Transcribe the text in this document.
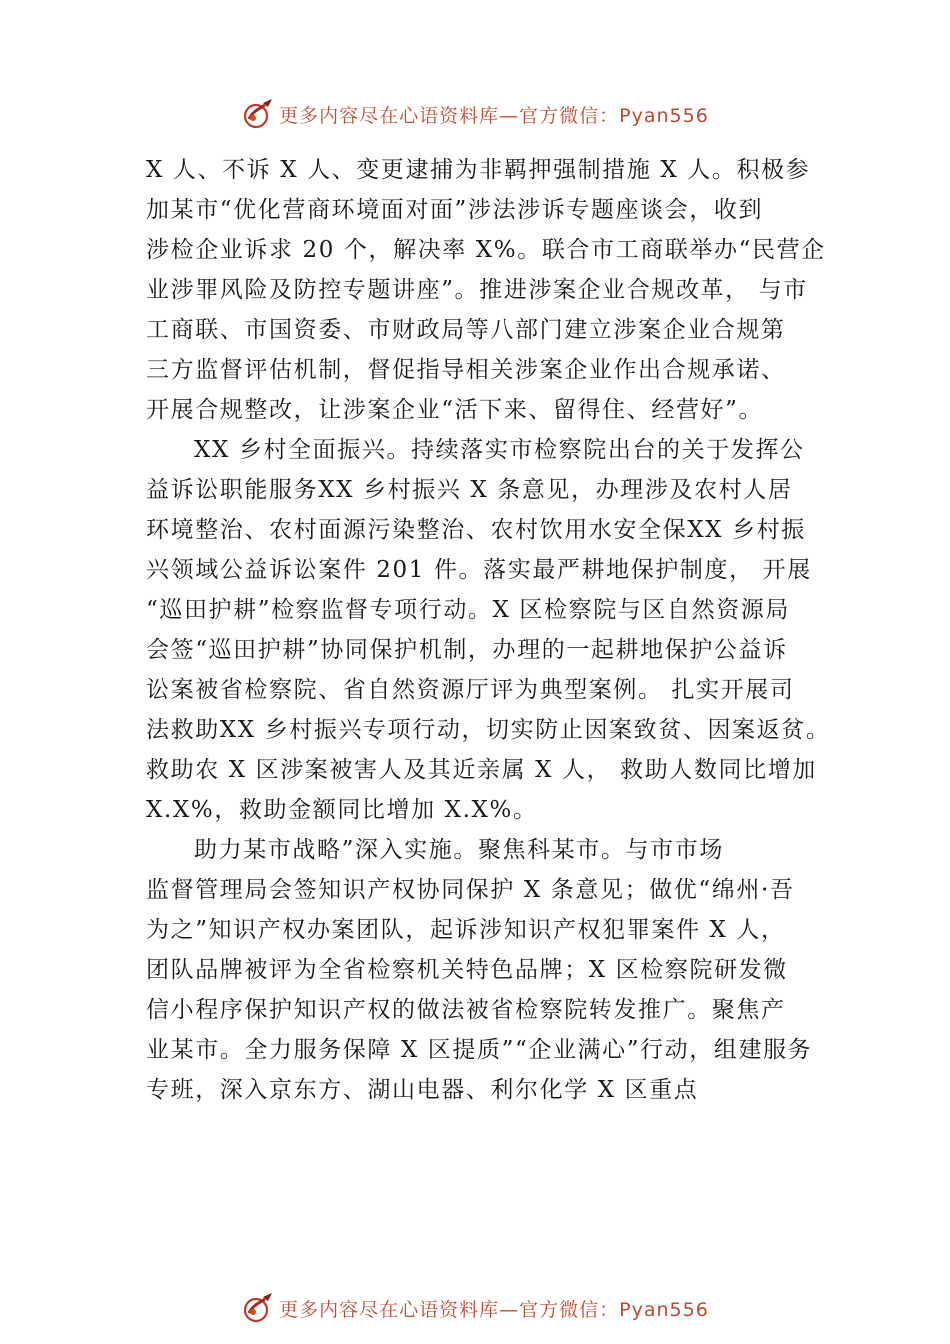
更多内容尽在心语资料库—官方微信：Pyan556
X 人、不诉 X 人、变更逮捕为非羁押强制措施 X 人。积极参
加某市“优化营商环境面对面”涉法涉诉专题座谈会，收到
涉检企业诉求 20 个，解决率 X%。联合市工商联举办“民营企
业涉罪风险及防控专题讲座”。推进涉案企业合规改革， 与市
工商联、市国资委、市财政局等八部门建立涉案企业合规第
三方监督评估机制，督促指导相关涉案企业作出合规承诺、
开展合规整改，让涉案企业“活下来、留得住、经营好”。
XX 乡村全面振兴。持续落实市检察院出台的关于发挥公
益诉讼职能服务XX 乡村振兴 X 条意见，办理涉及农村人居
环境整治、农村面源污染整治、农村饮用水安全保XX 乡村振
兴领域公益诉讼案件 201 件。落实最严耕地保护制度， 开展
“巡田护耕”检察监督专项行动。X 区检察院与区自然资源局
会签“巡田护耕”协同保护机制，办理的一起耕地保护公益诉
讼案被省检察院、省自然资源厅评为典型案例。 扎实开展司
法救助XX 乡村振兴专项行动，切实防止因案致贫、因案返贫。
救助农 X 区涉案被害人及其近亲属 X 人， 救助人数同比增加
X.X%，救助金额同比增加 X.X%。
助力某市战略”深入实施。聚焦科某市。与市市场
监督管理局会签知识产权协同保护 X 条意见；做优“绵州·吾
为之”知识产权办案团队，起诉涉知识产权犯罪案件 X 人，
团队品牌被评为全省检察机关特色品牌；X 区检察院研发微
信小程序保护知识产权的做法被省检察院转发推广。聚焦产
业某市。全力服务保障 X 区提质”“企业满心”行动，组建服务
专班，深入京东方、湖山电器、利尔化学 X 区重点
更多内容尽在心语资料库—官方微信：Pyan556
